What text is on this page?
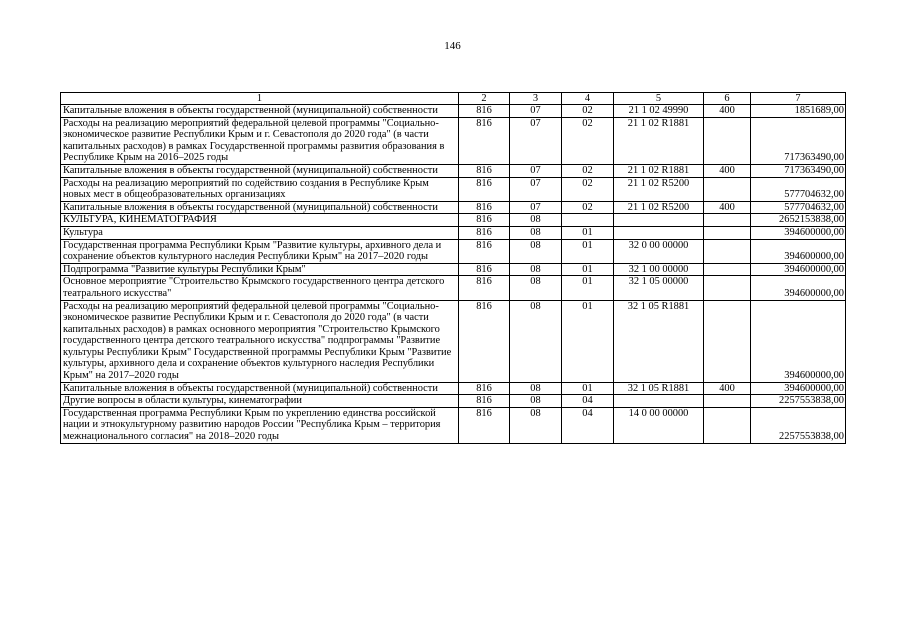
146
1	2	3	4	5	6	7
Капитальные вложения в объекты государственной (муниципальной) собственности	816	07	02	21 1 02 49990	400	1851689,00
Расходы на реализацию мероприятий федеральной целевой программы "Социально-экономическое развитие Республики Крым и г. Севастополя до 2020 года" (в части капитальных расходов) в рамках Государственной программы развития образования в Республике Крым на 2016–2025 годы	816	07	02	21 1 02 R1881		717363490,00
Капитальные вложения в объекты государственной (муниципальной) собственности	816	07	02	21 1 02 R1881	400	717363490,00
Расходы на реализацию мероприятий по содействию создания в Республике Крым новых мест в общеобразовательных организациях	816	07	02	21 1 02 R5200		577704632,00
Капитальные вложения в объекты государственной (муниципальной) собственности	816	07	02	21 1 02 R5200	400	577704632,00
КУЛЬТУРА, КИНЕМАТОГРАФИЯ	816	08				2652153838,00
Культура	816	08	01			394600000,00
Государственная программа Республики Крым "Развитие культуры, архивного дела и сохранение объектов культурного наследия Республики Крым" на 2017–2020 годы	816	08	01	32 0 00 00000		394600000,00
Подпрограмма "Развитие культуры Республики Крым"	816	08	01	32 1 00 00000		394600000,00
Основное мероприятие "Строительство Крымского государственного центра детского театрального искусства"	816	08	01	32 1 05 00000		394600000,00
Расходы на реализацию мероприятий федеральной целевой программы "Социально-экономическое развитие Республики Крым и г. Севастополя до 2020 года" (в части капитальных расходов) в рамках основного мероприятия "Строительство Крымского государственного центра детского театрального искусства" подпрограммы "Развитие культуры Республики Крым" Государственной программы Республики Крым "Развитие культуры, архивного дела и сохранение объектов культурного наследия Республики Крым" на 2017–2020 годы	816	08	01	32 1 05 R1881		394600000,00
Капитальные вложения в объекты государственной (муниципальной) собственности	816	08	01	32 1 05 R1881	400	394600000,00
Другие вопросы в области культуры, кинематографии	816	08	04			2257553838,00
Государственная программа Республики Крым по укреплению единства российской нации и этнокультурному развитию народов России "Республика Крым – территория межнационального согласия" на 2018–2020 годы	816	08	04	14 0 00 00000		2257553838,00
